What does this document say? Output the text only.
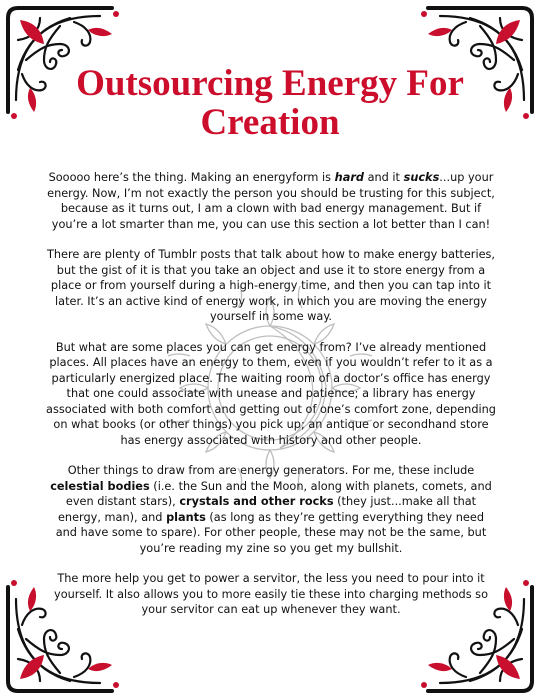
Outsourcing Energy For
Creation

Sooooo here’s the thing. Making an energyform is hard and it sucks...up your energy. Now, I’m not exactly the person you should be trusting for this subject, because as it turns out, I am a clown with bad energy management. But if you’re a lot smarter than me, you can use this section a lot better than I can!

There are plenty of Tumblr posts that talk about how to make energy batteries, but the gist of it is that you take an object and use it to store energy from a place or from yourself during a high-energy time, and then you can tap into it later. It’s an active kind of energy work, in which you are moving the energy yourself in some way.

But what are some places you can get energy from? I’ve already mentioned places. All places have an energy to them, even if you wouldn’t refer to it as a particularly energized place. The waiting room of a doctor’s office has energy that one could associate with unease and patience; a library has energy associated with both comfort and getting out of one’s comfort zone, depending on what books (or other things) you pick up; an antique or secondhand store has energy associated with history and other people.

Other things to draw from are energy generators. For me, these include celestial bodies (i.e. the Sun and the Moon, along with planets, comets, and even distant stars), crystals and other rocks (they just...make all that energy, man), and plants (as long as they’re getting everything they need and have some to spare). For other people, these may not be the same, but you’re reading my zine so you get my bullshit.

The more help you get to power a servitor, the less you need to pour into it yourself. It also allows you to more easily tie these into charging methods so your servitor can eat up whenever they want.
